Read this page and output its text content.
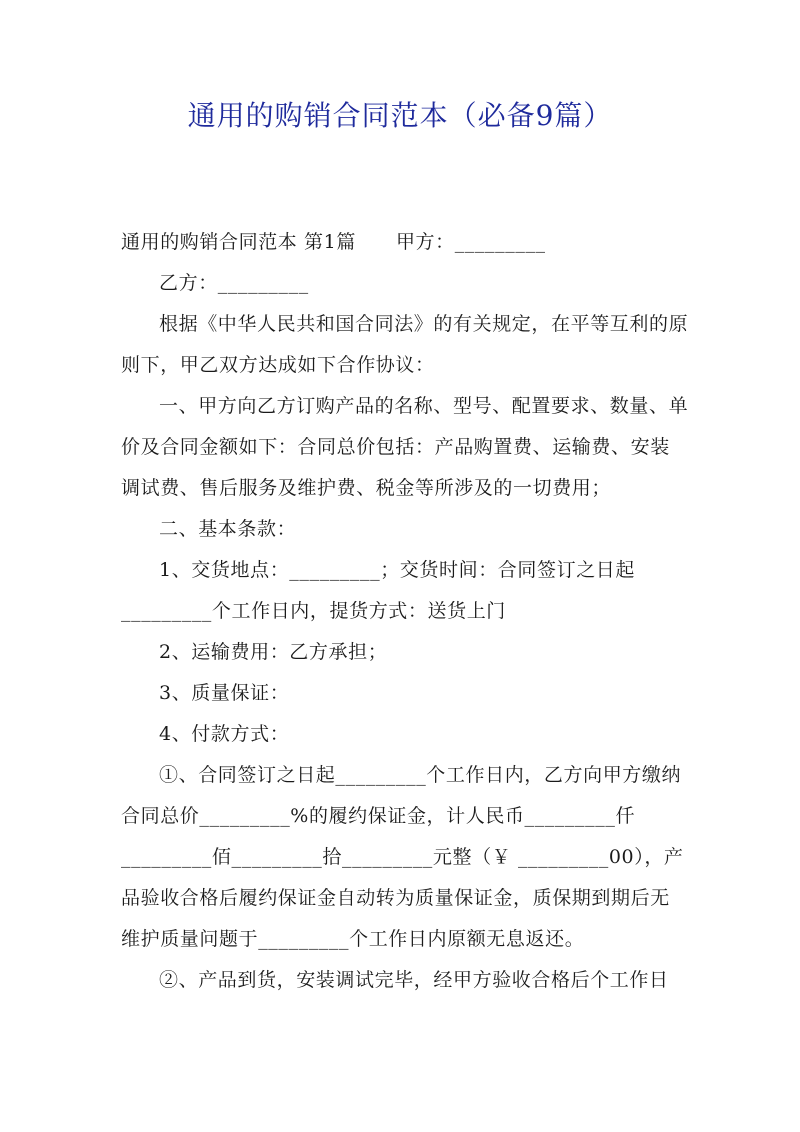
通用的购销合同范本（必备9篇）

通用的购销合同范本 第1篇 甲方：_________

乙方：_________

根据《中华人民共和国合同法》的有关规定，在平等互利的原则下，甲乙双方达成如下合作协议：

一、甲方向乙方订购产品的名称、型号、配置要求、数量、单价及合同金额如下：合同总价包括：产品购置费、运输费、安装调试费、售后服务及维护费、税金等所涉及的一切费用；

二、基本条款：

1、交货地点：_________；交货时间：合同签订之日起_________个工作日内，提货方式：送货上门

2、运输费用：乙方承担；

3、质量保证：

4、付款方式：

①、合同签订之日起_________个工作日内，乙方向甲方缴纳合同总价_________%的履约保证金，计人民币_________仟_________佰_________拾_________元整（￥ _________00），产品验收合格后履约保证金自动转为质量保证金，质保期到期后无维护质量问题于_________个工作日内原额无息返还。

②、产品到货，安装调试完毕，经甲方验收合格后个工作日
